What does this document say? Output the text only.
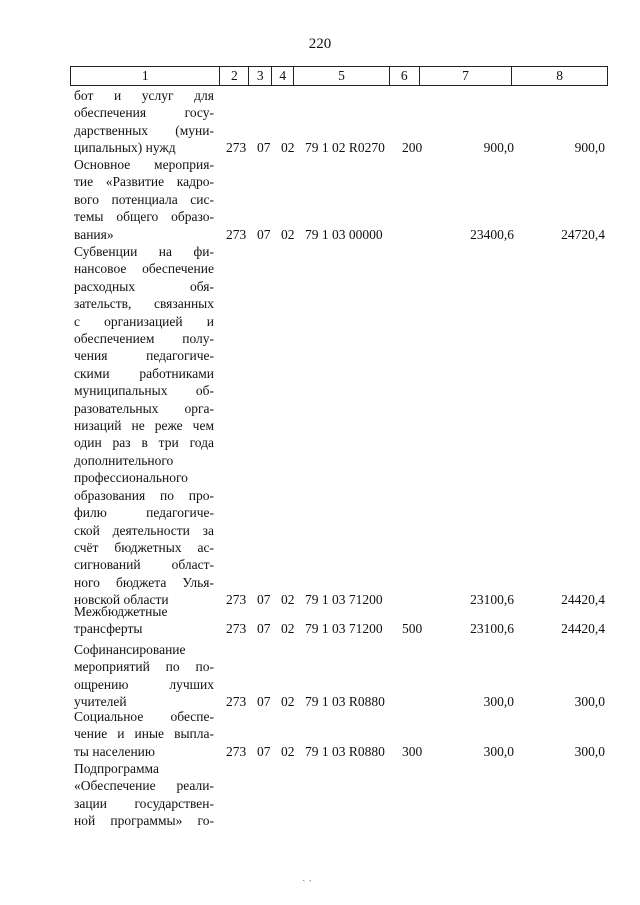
220
1	2	3	4	5	6	7	8
бот и услуг для
обеспечения госу-
дарственных (муни-
ципальных) нужд	273 07 02 79 1 02 R0270 200	900,0	900,0
Основное мероприя-
тие «Развитие кадро-
вого потенциала сис-
темы общего образо-
вания»	273 07 02 79 1 03 00000	23400,6	24720,4
Субвенции на фи-
нансовое обеспечение
расходных обя-
зательств, связанных
с организацией и
обеспечением полу-
чения педагогиче-
скими работниками
муниципальных об-
разовательных орга-
низаций не реже чем
один раз в три года
дополнительного
профессионального
образования по про-
филю педагогиче-
ской деятельности за
счёт бюджетных ас-
сигнований област-
ного бюджета Улья-
новской области	273 07 02 79 1 03 71200	23100,6	24420,4
Межбюджетные
трансферты	273 07 02 79 1 03 71200 500	23100,6	24420,4
Софинансирование
мероприятий по по-
ощрению лучших
учителей	273 07 02 79 1 03 R0880	300,0	300,0
Социальное обеспе-
чение и иные выпла-
ты населению	273 07 02 79 1 03 R0880 300	300,0	300,0
Подпрограмма
«Обеспечение реали-
зации государствен-
ной программы» го-
ˏ ˎ
